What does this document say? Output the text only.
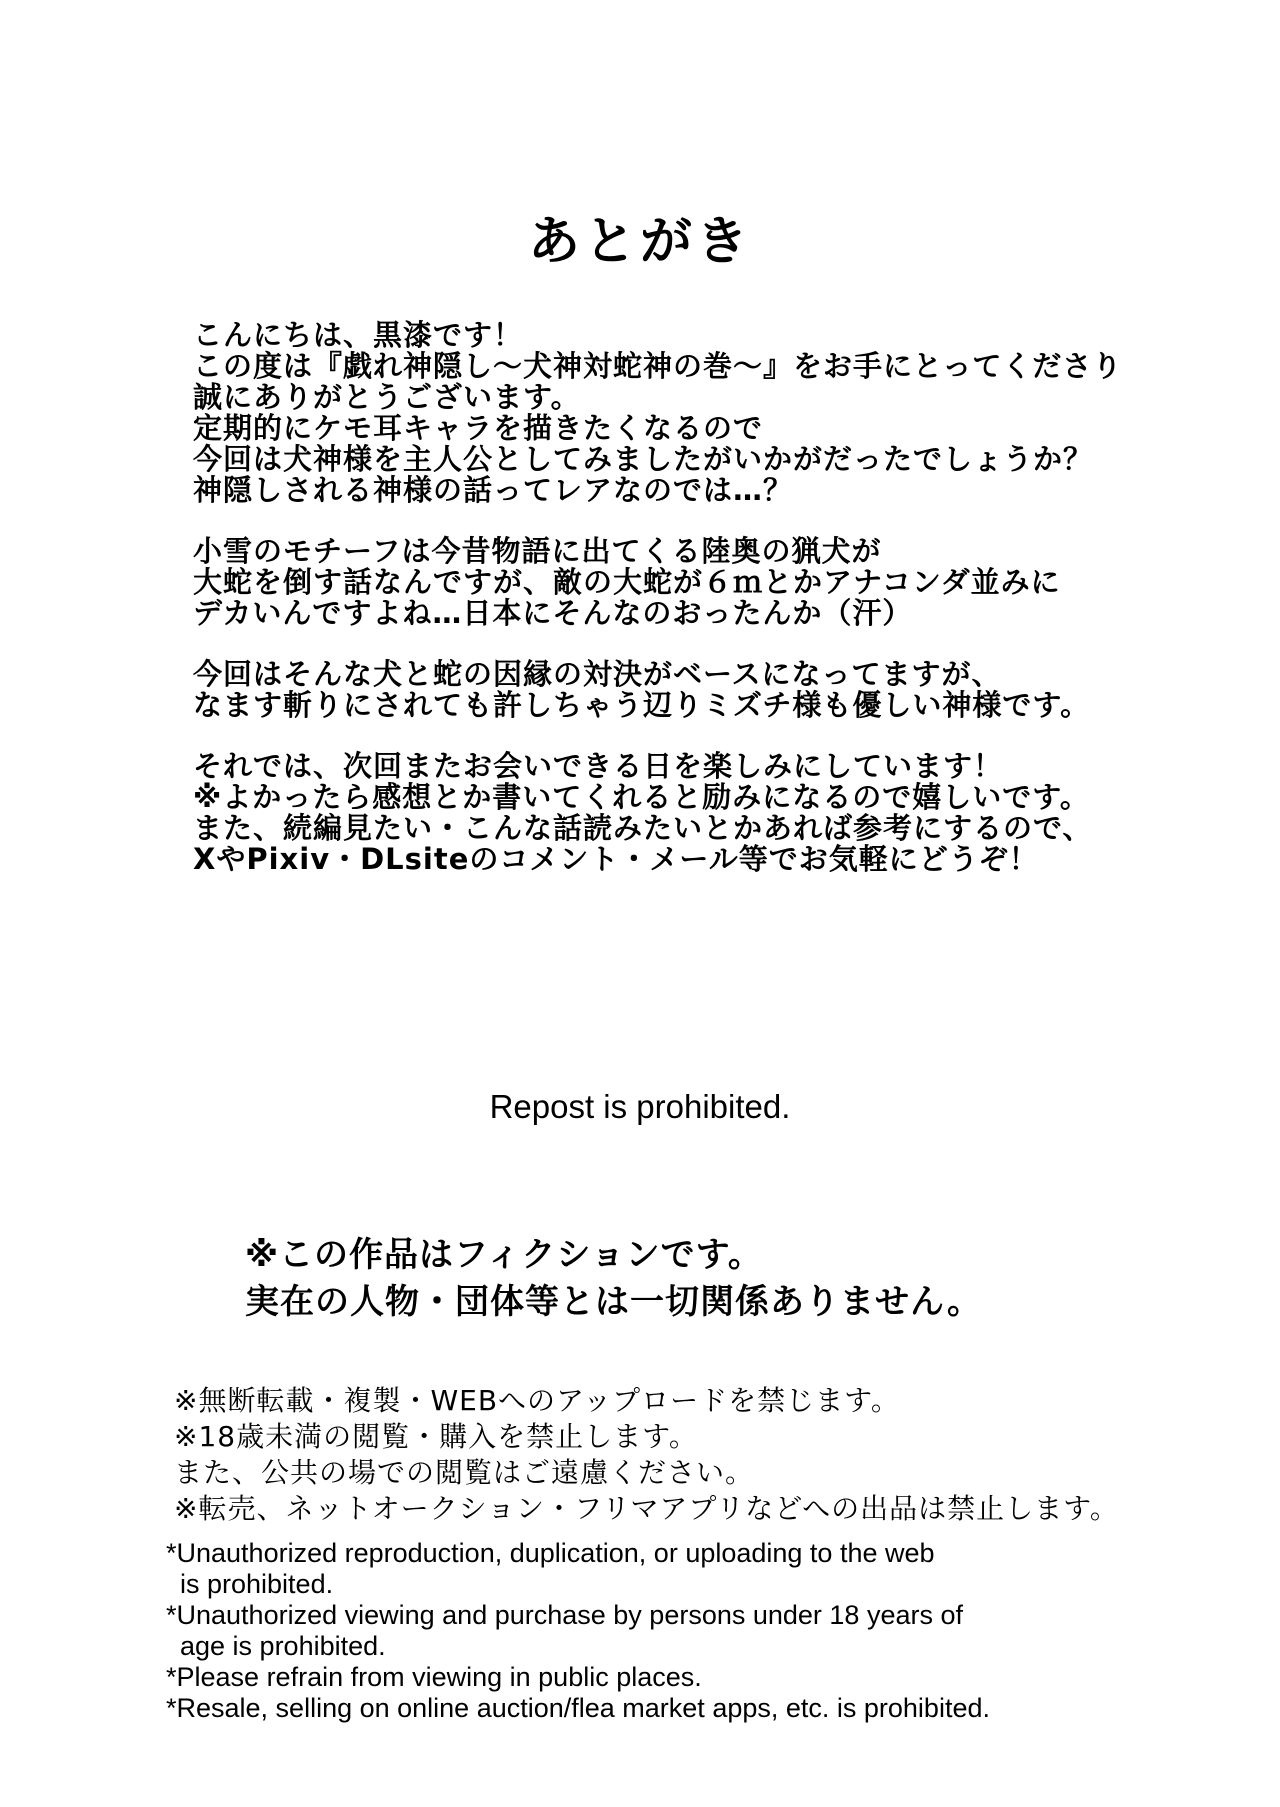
あとがき
こんにちは、黒漆です！
この度は『戯れ神隠し〜犬神対蛇神の巻〜』をお手にとってくださり
誠にありがとうございます。
定期的にケモ耳キャラを描きたくなるので
今回は犬神様を主人公としてみましたがいかがだったでしょうか？
神隠しされる神様の話ってレアなのでは…？
小雪のモチーフは今昔物語に出てくる陸奥の猟犬が
大蛇を倒す話なんですが、敵の大蛇が６ｍとかアナコンダ並みに
デカいんですよね…日本にそんなのおったんか（汗）
今回はそんな犬と蛇の因縁の対決がベースになってますが、
なます斬りにされても許しちゃう辺りミズチ様も優しい神様です。
それでは、次回またお会いできる日を楽しみにしています！
※よかったら感想とか書いてくれると励みになるので嬉しいです。
また、続編見たい・こんな話読みたいとかあれば参考にするので、
XやPixiv・DLsiteのコメント・メール等でお気軽にどうぞ！
Repost is prohibited.
※この作品はフィクションです。
実在の人物・団体等とは一切関係ありません。
※無断転載・複製・WEBへのアップロードを禁じます。
※18歳未満の閲覧・購入を禁止します。
また、公共の場での閲覧はご遠慮ください。
※転売、ネットオークション・フリマアプリなどへの出品は禁止します。
*Unauthorized reproduction, duplication, or uploading to the web
is prohibited.
*Unauthorized viewing and purchase by persons under 18 years of
age is prohibited.
*Please refrain from viewing in public places.
*Resale, selling on online auction/flea market apps, etc. is prohibited.
